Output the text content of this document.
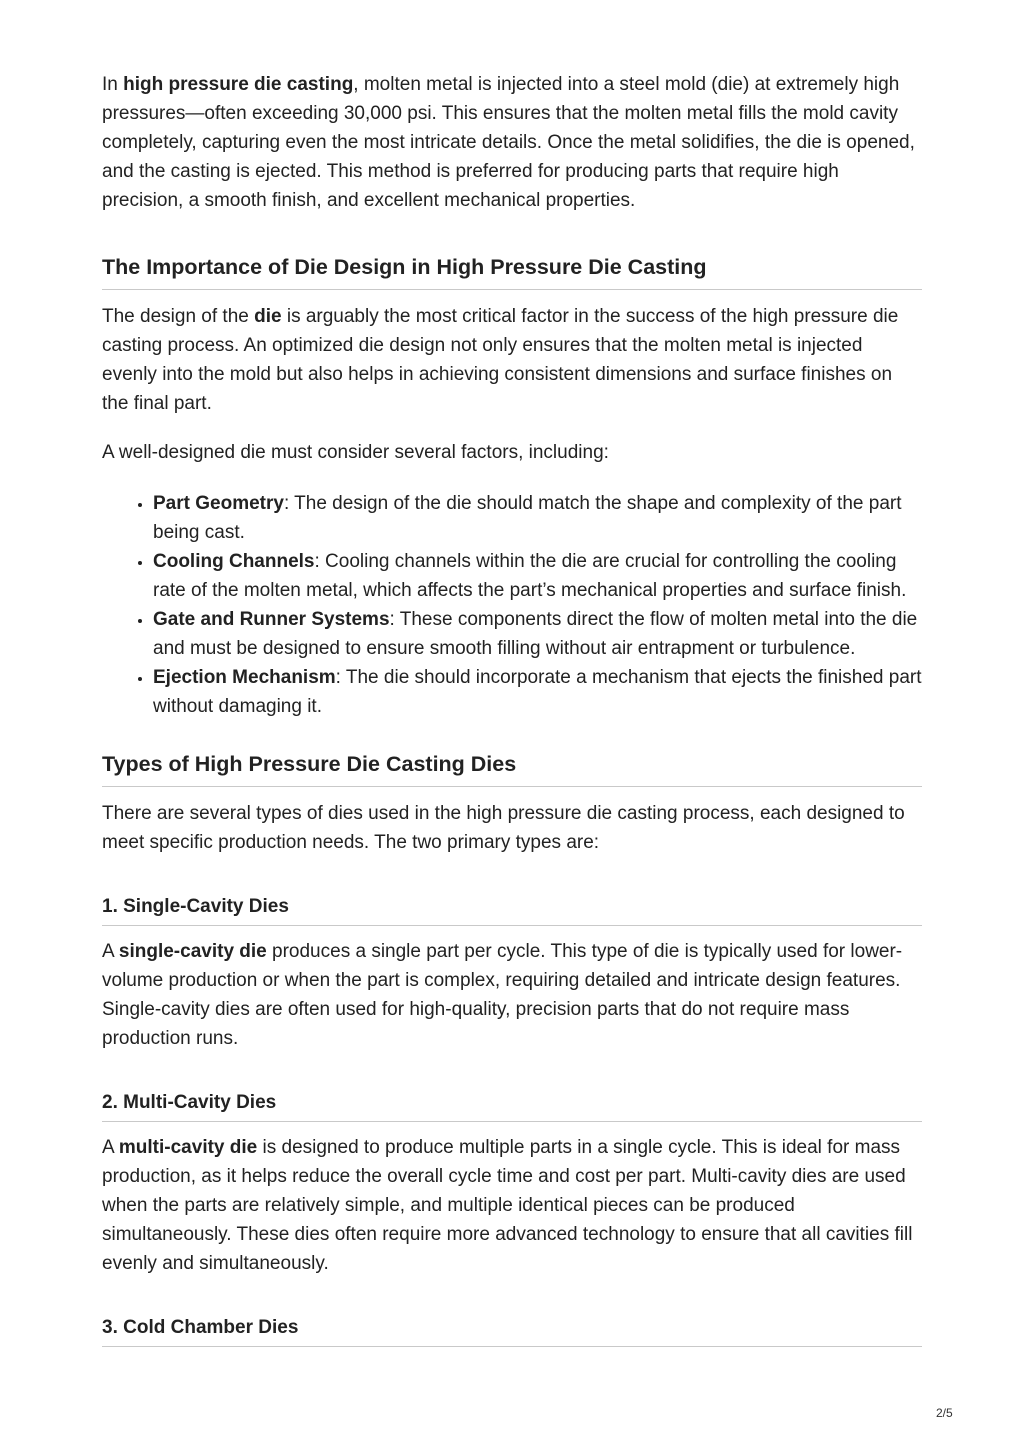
In high pressure die casting, molten metal is injected into a steel mold (die) at extremely high pressures—often exceeding 30,000 psi. This ensures that the molten metal fills the mold cavity completely, capturing even the most intricate details. Once the metal solidifies, the die is opened, and the casting is ejected. This method is preferred for producing parts that require high precision, a smooth finish, and excellent mechanical properties.

The Importance of Die Design in High Pressure Die Casting

The design of the die is arguably the most critical factor in the success of the high pressure die casting process. An optimized die design not only ensures that the molten metal is injected evenly into the mold but also helps in achieving consistent dimensions and surface finishes on the final part.

A well-designed die must consider several factors, including:

• Part Geometry: The design of the die should match the shape and complexity of the part being cast.
• Cooling Channels: Cooling channels within the die are crucial for controlling the cooling rate of the molten metal, which affects the part’s mechanical properties and surface finish.
• Gate and Runner Systems: These components direct the flow of molten metal into the die and must be designed to ensure smooth filling without air entrapment or turbulence.
• Ejection Mechanism: The die should incorporate a mechanism that ejects the finished part without damaging it.
Types of High Pressure Die Casting Dies

There are several types of dies used in the high pressure die casting process, each designed to meet specific production needs. The two primary types are:

1. Single-Cavity Dies

A single-cavity die produces a single part per cycle. This type of die is typically used for lower-volume production or when the part is complex, requiring detailed and intricate design features. Single-cavity dies are often used for high-quality, precision parts that do not require mass production runs.

2. Multi-Cavity Dies

A multi-cavity die is designed to produce multiple parts in a single cycle. This is ideal for mass production, as it helps reduce the overall cycle time and cost per part. Multi-cavity dies are used when the parts are relatively simple, and multiple identical pieces can be produced simultaneously. These dies often require more advanced technology to ensure that all cavities fill evenly and simultaneously.

3. Cold Chamber Dies
2/5
